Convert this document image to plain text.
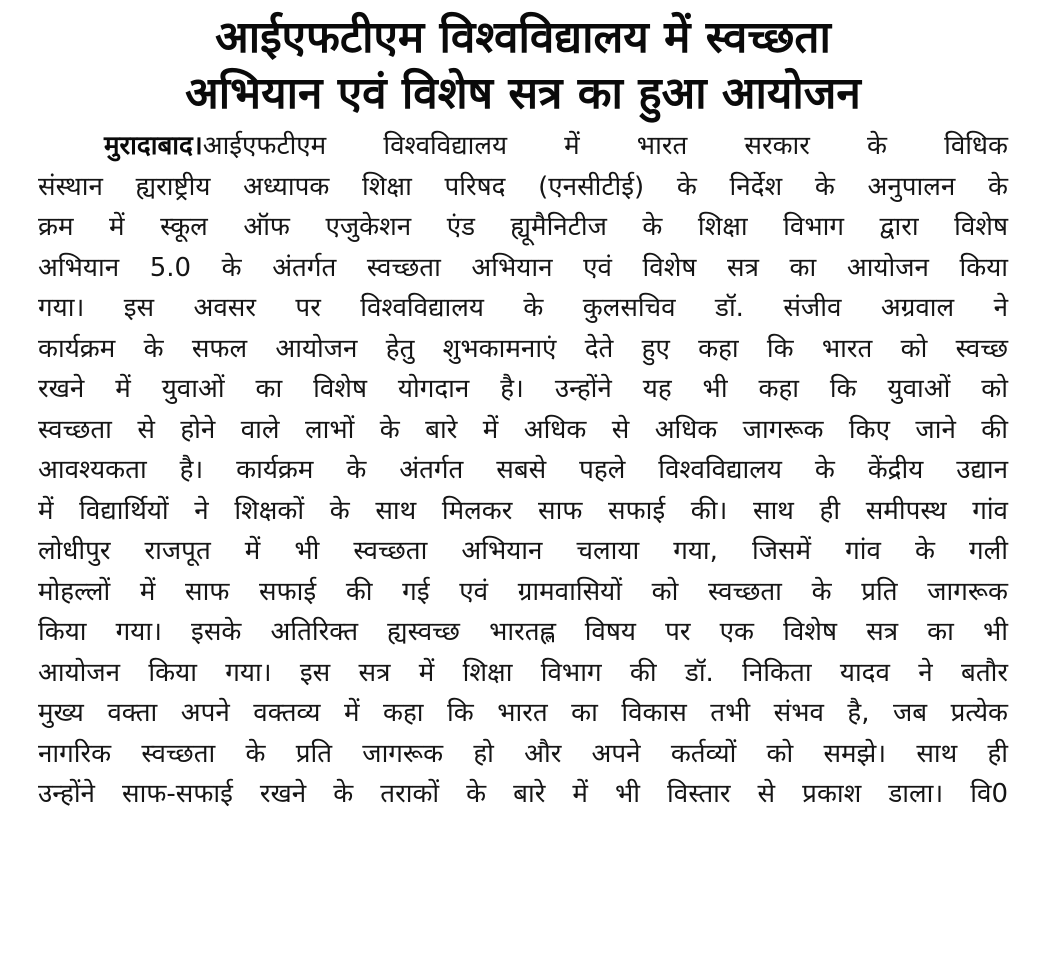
आईएफटीएम विश्वविद्यालय में स्वच्छता
अभियान एवं विशेष सत्र का हुआ आयोजन
मुरादाबाद।आईएफटीएम विश्वविद्यालय में भारत सरकार के विधिक
संस्थान ह्यराष्ट्रीय अध्यापक शिक्षा परिषद (एनसीटीई) के निर्देश के अनुपालन के
क्रम में स्कूल ऑफ एजुकेशन एंड ह्यूमैनिटीज के शिक्षा विभाग द्वारा विशेष
अभियान 5.0 के अंतर्गत स्वच्छता अभियान एवं विशेष सत्र का आयोजन किया
गया। इस अवसर पर विश्वविद्यालय के कुलसचिव डॉ. संजीव अग्रवाल ने
कार्यक्रम के सफल आयोजन हेतु शुभकामनाएं देते हुए कहा कि भारत को स्वच्छ
रखने में युवाओं का विशेष योगदान है। उन्होंने यह भी कहा कि युवाओं को
स्वच्छता से होने वाले लाभों के बारे में अधिक से अधिक जागरूक किए जाने की
आवश्यकता है। कार्यक्रम के अंतर्गत सबसे पहले विश्वविद्यालय के केंद्रीय उद्यान
में विद्यार्थियों ने शिक्षकों के साथ मिलकर साफ सफाई की। साथ ही समीपस्थ गांव
लोधीपुर राजपूत में भी स्वच्छता अभियान चलाया गया, जिसमें गांव के गली
मोहल्लों में साफ सफाई की गई एवं ग्रामवासियों को स्वच्छता के प्रति जागरूक
किया गया। इसके अतिरिक्त ह्यस्वच्छ भारतह्ल विषय पर एक विशेष सत्र का भी
आयोजन किया गया। इस सत्र में शिक्षा विभाग की डॉ. निकिता यादव ने बतौर
मुख्य वक्ता अपने वक्तव्य में कहा कि भारत का विकास तभी संभव है, जब प्रत्येक
नागरिक स्वच्छता के प्रति जागरूक हो और अपने कर्तव्यों को समझे। साथ ही
उन्होंने साफ-सफाई रखने के तराकों के बारे में भी विस्तार से प्रकाश डाला। वि0
